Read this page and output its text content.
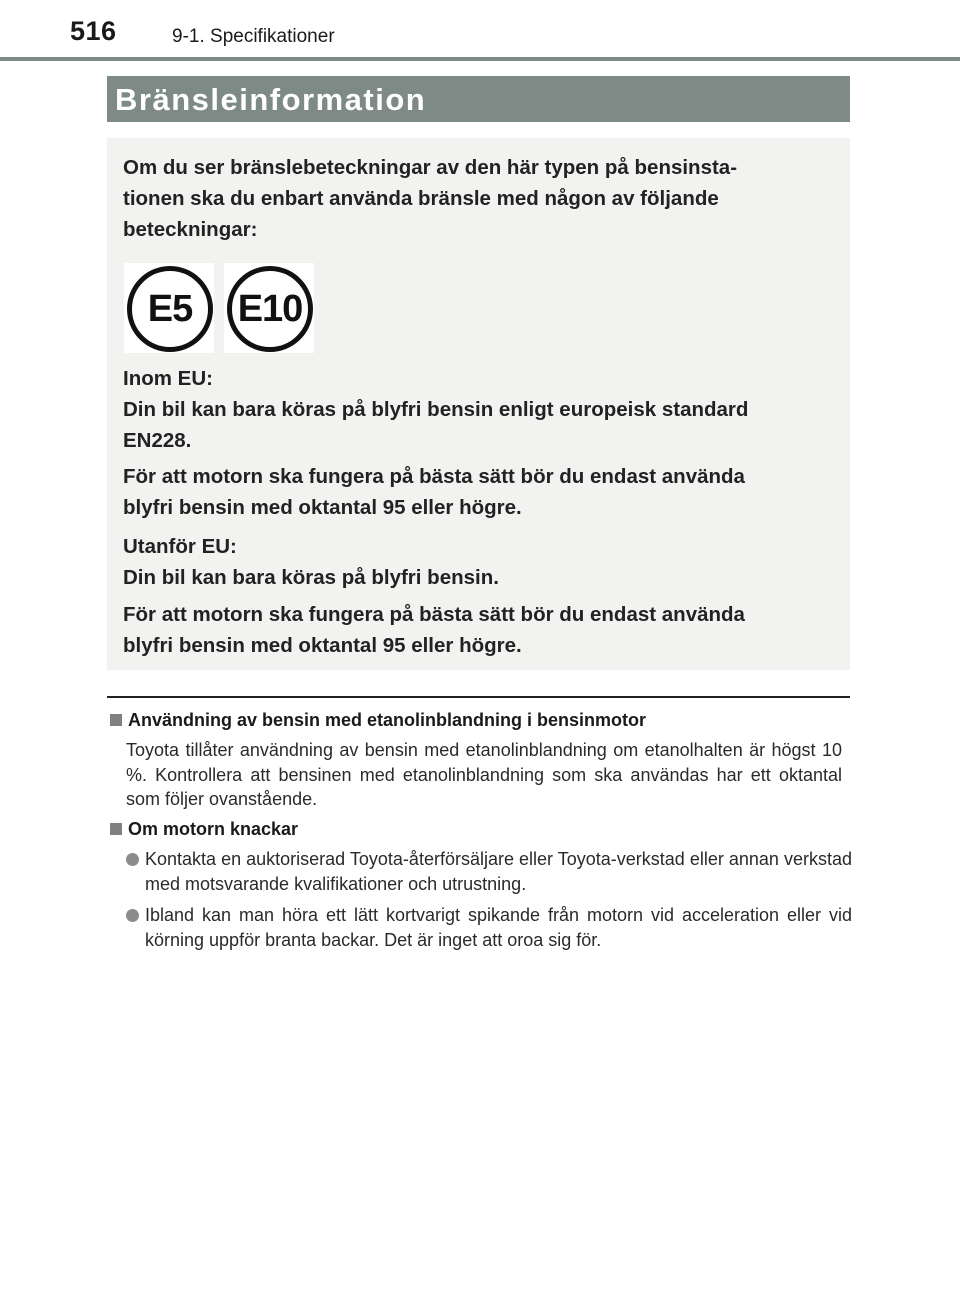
516	9-1. Specifikationer
Bränsleinformation
Om du ser bränslebeteckningar av den här typen på bensinsta-
tionen ska du enbart använda bränsle med någon av följande
beteckningar:
E5	E10
Inom EU:
Din bil kan bara köras på blyfri bensin enligt europeisk standard
EN228.
För att motorn ska fungera på bästa sätt bör du endast använda
blyfri bensin med oktantal 95 eller högre.
Utanför EU:
Din bil kan bara köras på blyfri bensin.
För att motorn ska fungera på bästa sätt bör du endast använda
blyfri bensin med oktantal 95 eller högre.
Användning av bensin med etanolinblandning i bensinmotor
Toyota tillåter användning av bensin med etanolinblandning om etanolhalten är högst 10 %. Kontrollera att bensinen med etanolinblandning som ska användas har ett oktantal som följer ovanstående.
Om motorn knackar
Kontakta en auktoriserad Toyota-återförsäljare eller Toyota-verkstad eller annan verkstad med motsvarande kvalifikationer och utrustning.
Ibland kan man höra ett lätt kortvarigt spikande från motorn vid acceleration eller vid körning uppför branta backar. Det är inget att oroa sig för.
